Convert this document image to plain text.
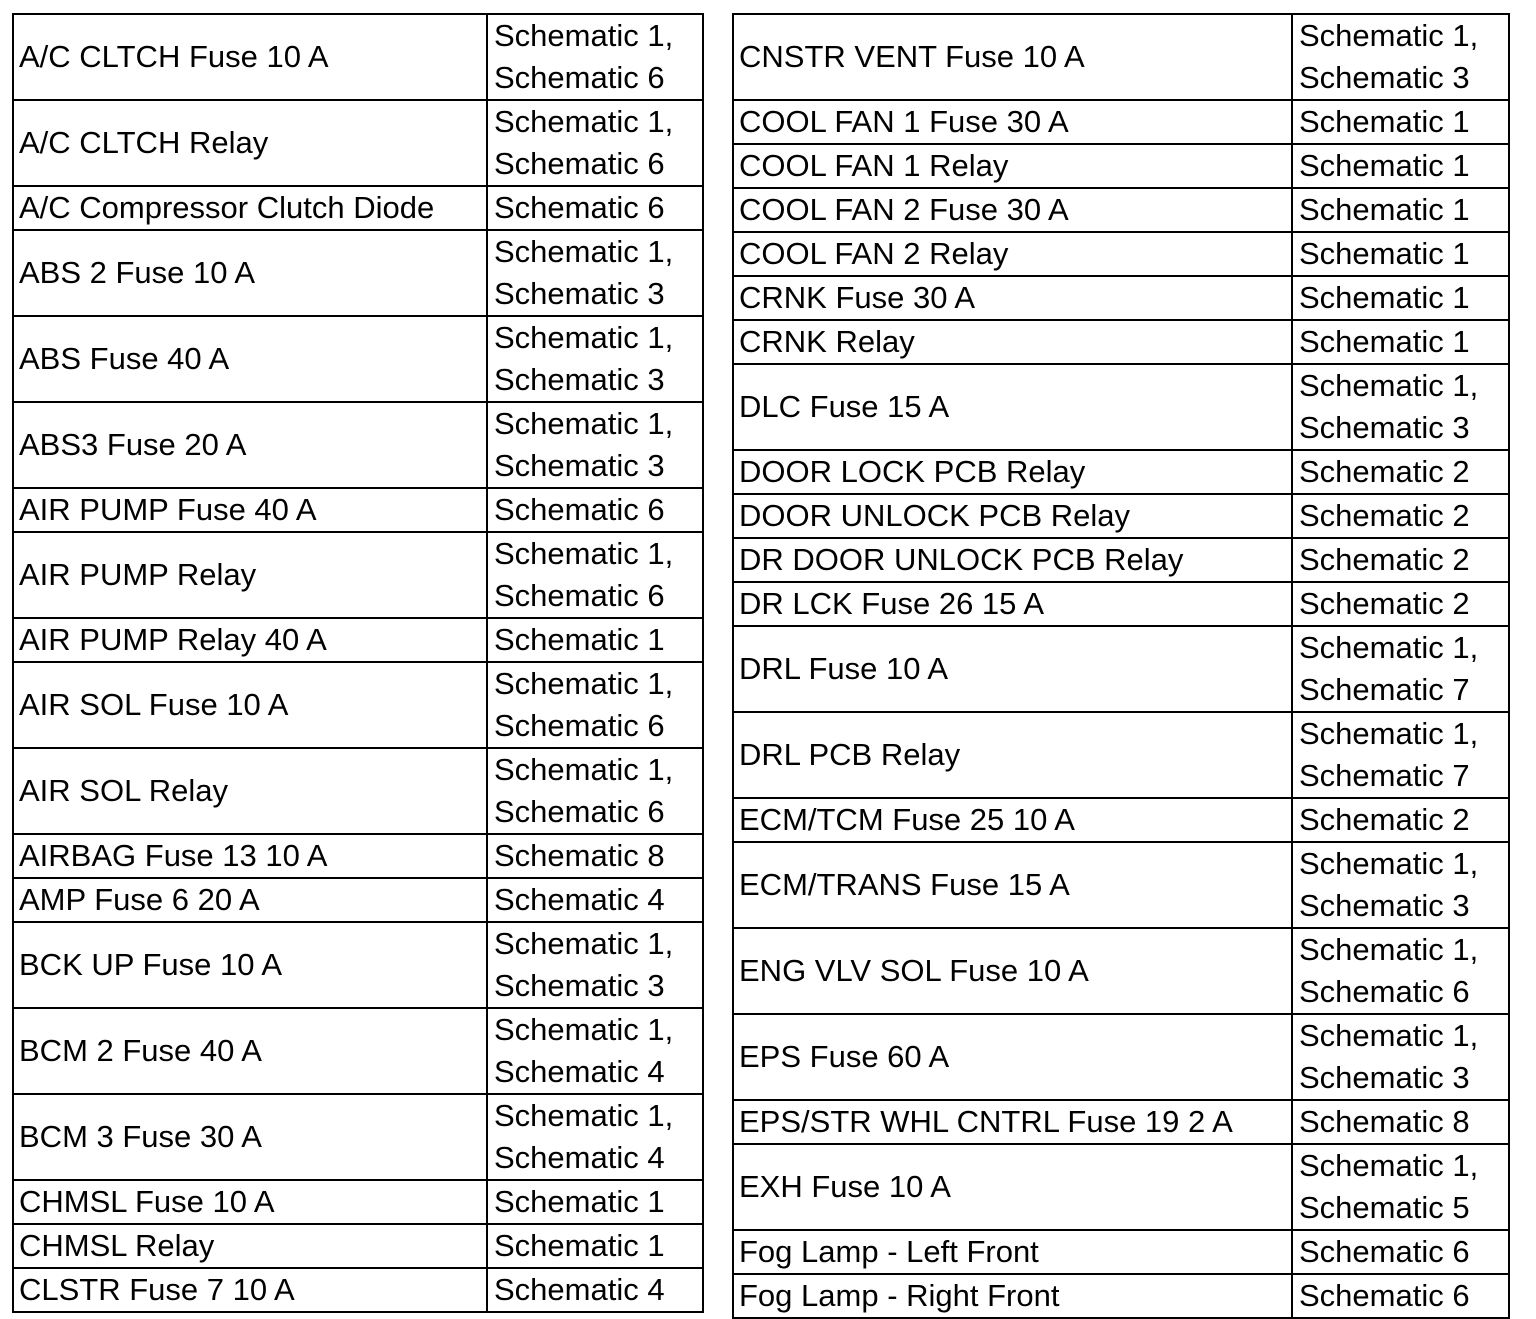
A/C CLTCH Fuse 10 A	Schematic 1,
Schematic 6
A/C CLTCH Relay	Schematic 1,
Schematic 6
A/C Compressor Clutch Diode	Schematic 6
ABS 2 Fuse 10 A	Schematic 1,
Schematic 3
ABS Fuse 40 A	Schematic 1,
Schematic 3
ABS3 Fuse 20 A	Schematic 1,
Schematic 3
AIR PUMP Fuse 40 A	Schematic 6
AIR PUMP Relay	Schematic 1,
Schematic 6
AIR PUMP Relay 40 A	Schematic 1
AIR SOL Fuse 10 A	Schematic 1,
Schematic 6
AIR SOL Relay	Schematic 1,
Schematic 6
AIRBAG Fuse 13 10 A	Schematic 8
AMP Fuse 6 20 A	Schematic 4
BCK UP Fuse 10 A	Schematic 1,
Schematic 3
BCM 2 Fuse 40 A	Schematic 1,
Schematic 4
BCM 3 Fuse 30 A	Schematic 1,
Schematic 4
CHMSL Fuse 10 A	Schematic 1
CHMSL Relay	Schematic 1
CLSTR Fuse 7 10 A	Schematic 4
CNSTR VENT Fuse 10 A	Schematic 1,
Schematic 3
COOL FAN 1 Fuse 30 A	Schematic 1
COOL FAN 1 Relay	Schematic 1
COOL FAN 2 Fuse 30 A	Schematic 1
COOL FAN 2 Relay	Schematic 1
CRNK Fuse 30 A	Schematic 1
CRNK Relay	Schematic 1
DLC Fuse 15 A	Schematic 1,
Schematic 3
DOOR LOCK PCB Relay	Schematic 2
DOOR UNLOCK PCB Relay	Schematic 2
DR DOOR UNLOCK PCB Relay	Schematic 2
DR LCK Fuse 26 15 A	Schematic 2
DRL Fuse 10 A	Schematic 1,
Schematic 7
DRL PCB Relay	Schematic 1,
Schematic 7
ECM/TCM Fuse 25 10 A	Schematic 2
ECM/TRANS Fuse 15 A	Schematic 1,
Schematic 3
ENG VLV SOL Fuse 10 A	Schematic 1,
Schematic 6
EPS Fuse 60 A	Schematic 1,
Schematic 3
EPS/STR WHL CNTRL Fuse 19 2 A	Schematic 8
EXH Fuse 10 A	Schematic 1,
Schematic 5
Fog Lamp - Left Front	Schematic 6
Fog Lamp - Right Front	Schematic 6
